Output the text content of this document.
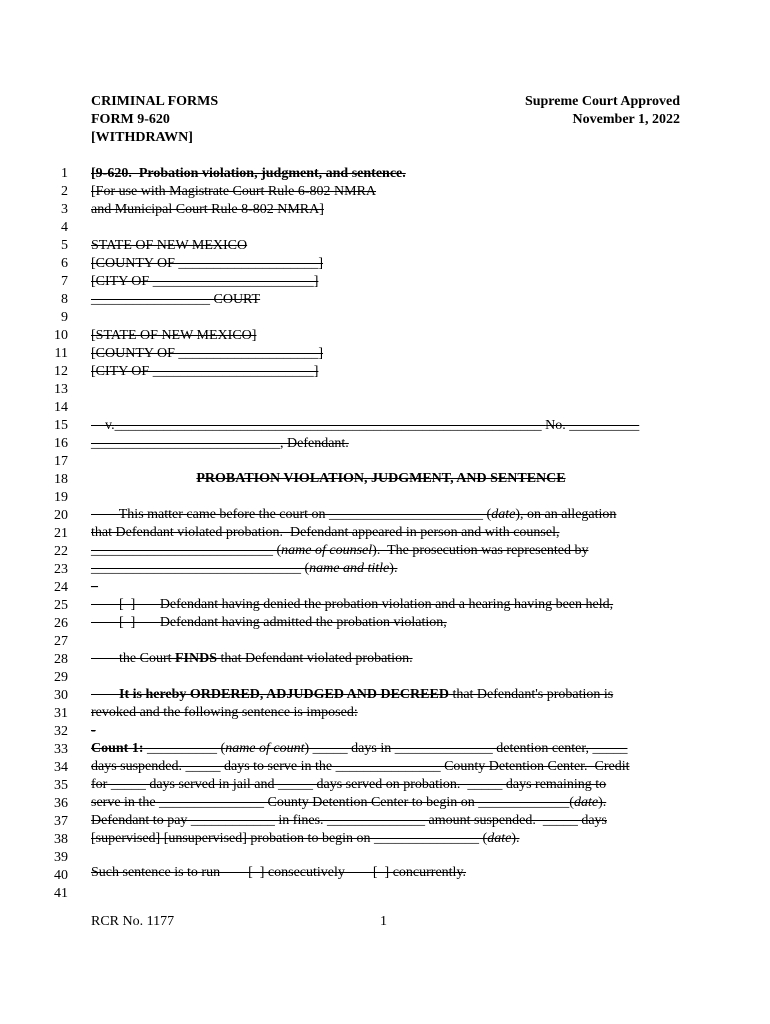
CRIMINAL FORMS
FORM 9-620
[WITHDRAWN]
Supreme Court Approved
November 1, 2022
1
2
3
4
5
6
7
8
9
10
11
12
13
14
15
16
17
18
19
20
21
22
23
24
25
26
27
28
29
30
31
32
33
34
35
36
37
38
39
40
41
[9-620.  Probation violation, judgment, and sentence.
[For use with Magistrate Court Rule 6-802 NMRA
and Municipal Court Rule 8-802 NMRA]
STATE OF NEW MEXICO
[COUNTY OF ____________________]
[CITY OF _______________________]
_________________ COURT
[STATE OF NEW MEXICO]
[COUNTY OF ____________________]
[CITY OF _______________________]

v._____________________________________________________________ No. __________

___________________________, Defendant.
PROBATION VIOLATION, JUDGMENT, AND SENTENCE
This matter came before the court on ______________________ (date), on an allegation
that Defendant violated probation.  Defendant appeared in person and with counsel,
__________________________ (name of counsel).  The prosecution was represented by
______________________________ (name and title).
–
[  ]       Defendant having denied the probation violation and a hearing having been held,
[  ]       Defendant having admitted the probation violation,
the Court FINDS that Defendant violated probation.
It is hereby ORDERED, ADJUDGED AND DECREED that Defendant's probation is
revoked and the following sentence is imposed:
-
Count 1: __________ (name of count) _____ days in ______________ detention center, _____
days suspended. _____ days to serve in the _______________ County Detention Center.  Credit
for _____ days served in jail and _____ days served on probation.  _____ days remaining to
serve in the _______________ County Detention Center to begin on _____________(date).
Defendant to pay ____________ in fines. ______________ amount suspended.  _____ days
[supervised] [unsupervised] probation to begin on _______________ (date).
Such sentence is to run        [  ] consecutively        [  ] concurrently.
RCR No. 1177	1
